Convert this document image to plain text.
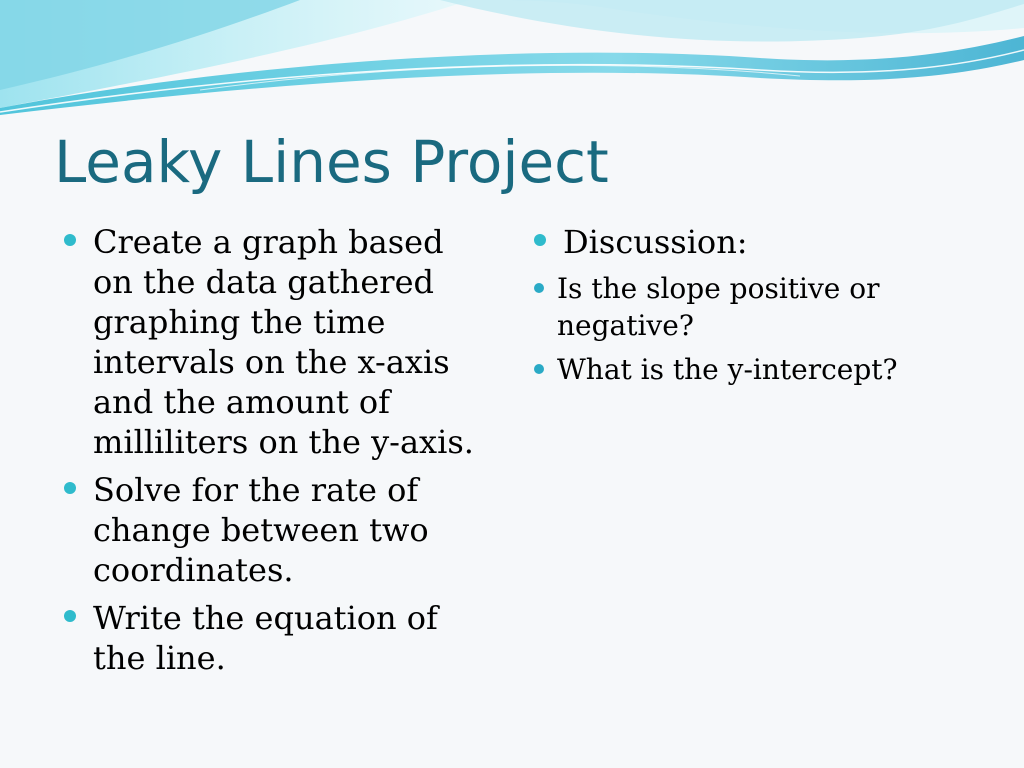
Leaky Lines Project
Create a graph based on the data gathered graphing the time intervals on the x-axis and the amount of milliliters on the y-axis.
Solve for the rate of change between two coordinates.
Write the equation of the line.
Discussion:
Is the slope positive or negative?
What is the y-intercept?
